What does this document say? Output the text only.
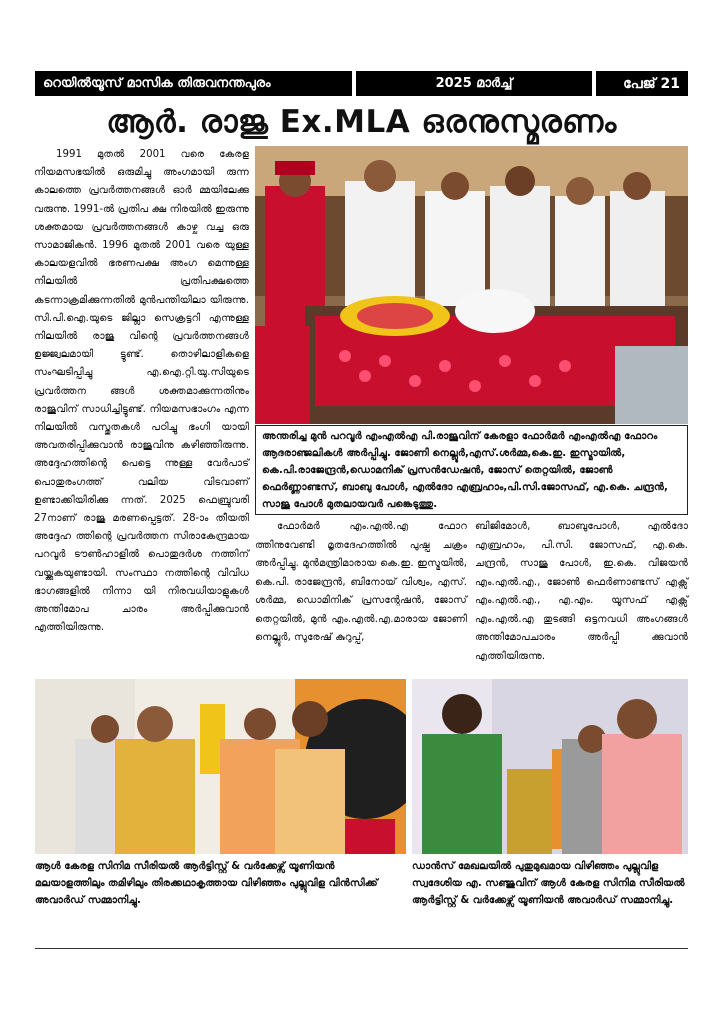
റെയിൽയൂസ് മാസിക തിരുവനന്തപുരം	2025 മാർച്ച്	പേജ് 21
ആർ. രാജു Ex.MLA ഒരനുസ്മരണം

1991 മുതൽ 2001 വരെ കേരള നിയമസഭയിൽ ഒരുമിച്ചു അംഗമായി രുന്ന കാലത്തെ പ്രവർത്തനങ്ങൾ ഓർ മ്മയിലേക്കു വരുന്നു. 1991-ൽ പ്രതിപ ക്ഷ നിരയിൽ ഇരുന്നു ശക്തമായ പ്രവർത്തനങ്ങൾ കാഴ്ച വച്ച ഒരു സാമാജികൻ. 1996 മുതൽ 2001 വരെ യുള്ള കാലയളവിൽ ഭരണപക്ഷ അംഗ മെന്നുള്ള നിലയിൽ പ്രതിപക്ഷത്തെ കടന്നാക്രമിക്കുന്നതിൽ മുൻപന്തിയിലാ യിരുന്നു. സി.പി.ഐ.യുടെ ജില്ലാ സെക്രട്ടറി എന്നുള്ള നിലയിൽ രാജു വിന്റെ പ്രവർത്തനങ്ങൾ ഉജ്ജ്വലമായി ട്ടുണ്ട്. തൊഴിലാളികളെ സംഘടിപ്പിച്ചു എ.ഐ.റ്റി.യു.സിയുടെ പ്രവർത്തന ങ്ങൾ ശക്തമാക്കുന്നതിനും രാജുവിന് സാധിച്ചിട്ടുണ്ട്. നിയമസഭാംഗം എന്ന നിലയിൽ വസ്തുതകൾ പഠിച്ചു ഭംഗി യായി അവതരിപ്പിക്കുവാൻ രാജുവിനു കഴിഞ്ഞിരുന്നു. അദ്ദേഹത്തിന്റെ പെട്ടെ ന്നുള്ള വേർപാട് പൊതുരംഗത്ത് വലിയ വിടവാണ് ഉണ്ടാക്കിയിരിക്കു ന്നത്. 2025 ഫെബ്രുവരി 27നാണ് രാജു മരണപ്പെട്ടത്. 28-ാം തീയതി അദ്ദേഹ ത്തിന്റെ പ്രവർത്തന സിരാകേന്ദ്രമായ പറവൂർ ടൗൺഹാളിൽ പൊതുദർശ നത്തിന് വയ്ക്കുകയുണ്ടായി. സംസ്ഥാ നത്തിന്റെ വിവിധ ഭാഗങ്ങളിൽ നിന്നാ യി നിരവധിയാളുകൾ അന്തിമോപ ചാരം അർപ്പിക്കുവാൻ എത്തിയിരുന്നു.

അന്തരിച്ച മുൻ പറവൂർ എംഎൽഎ പി.രാജുവിന് കേരളാ ഫോർമർ എംഎൽഎ ഫോറം ആദരാഞ്ജലികൾ അർപ്പിച്ചു. ജോണി നെല്ലൂർ,എസ്.ശർമ്മ,കെ.ഇ. ഇസ്മായിൽ, കെ.പി.രാജേന്ദ്രൻ,ഡൊമനിക് പ്രസൻഡേഷൻ, ജോസ് തെറ്റയിൽ, ജോൺ ഫെർണ്ണാണ്ടസ്, ബാബു പോൾ, എൽദോ എബ്രഹാം,പി.സി.ജോസഫ്, എ.കെ. ചന്ദ്രൻ, സാജു പോൾ മുതലായവർ പങ്കെടുത്തു.

ഫോർമർ എം.എൽ.എ ഫോറ ത്തിനുവേണ്ടി മൃതദേഹത്തിൽ പുഷ്പ ചക്രം അർപ്പിച്ചു. മുൻമന്ത്രിമാരായ കെ.ഇ. ഇസ്മയിൽ, കെ.പി. രാജേന്ദ്രൻ, ബിനോയ് വിശ്വം, എസ്. ശർമ്മ, ഡൊമിനിക് പ്രസന്റേഷൻ, ജോസ് തെറ്റയിൽ, മുൻ എം.എൽ.എ.മാരായ ജോണി നെല്ലൂർ, സുരേഷ് കുറുപ്പ്,

ബിജിമോൾ, ബാബുപോൾ, എൽദോ എബ്രഹാം, പി.സി. ജോസഫ്, എ.കെ. ചന്ദ്രൻ, സാജു പോൾ, ഇ.കെ. വിജയൻ എം.എൽ.എ., ജോൺ ഫെർണാണ്ടസ് എക്സ് എം.എൽ.എ., എ.എം. യൂസഫ് എക്സ് എം.എൽ.എ തുടങ്ങി ഒട്ടനവധി അംഗങ്ങൾ അന്തിമോപചാരം അർപ്പി ക്കുവാൻ എത്തിയിരുന്നു.

ആൾ കേരള സിനിമ സീരിയൽ ആർട്ടിസ്റ്റ് & വർക്കേഴ്സ് യൂണിയൻ മലയാളത്തിലും തമിഴിലും തിരക്കഥാകൃത്തായ വിഴിഞ്ഞം പുല്ലുവിള വിൻസിക്ക് അവാർഡ് സമ്മാനിച്ചു.

ഡാൻസ് മേഖലയിൽ പുതുമുഖമായ വിഴിഞ്ഞം പുല്ലുവിള സ്വദേശിയ എ. സഞ്ജുവിന് ആൾ കേരള സിനിമ സീരിയൽ ആർട്ടിസ്റ്റ് & വർക്കേഴ്സ് യൂണിയൻ അവാർഡ് സമ്മാനിച്ചു.
